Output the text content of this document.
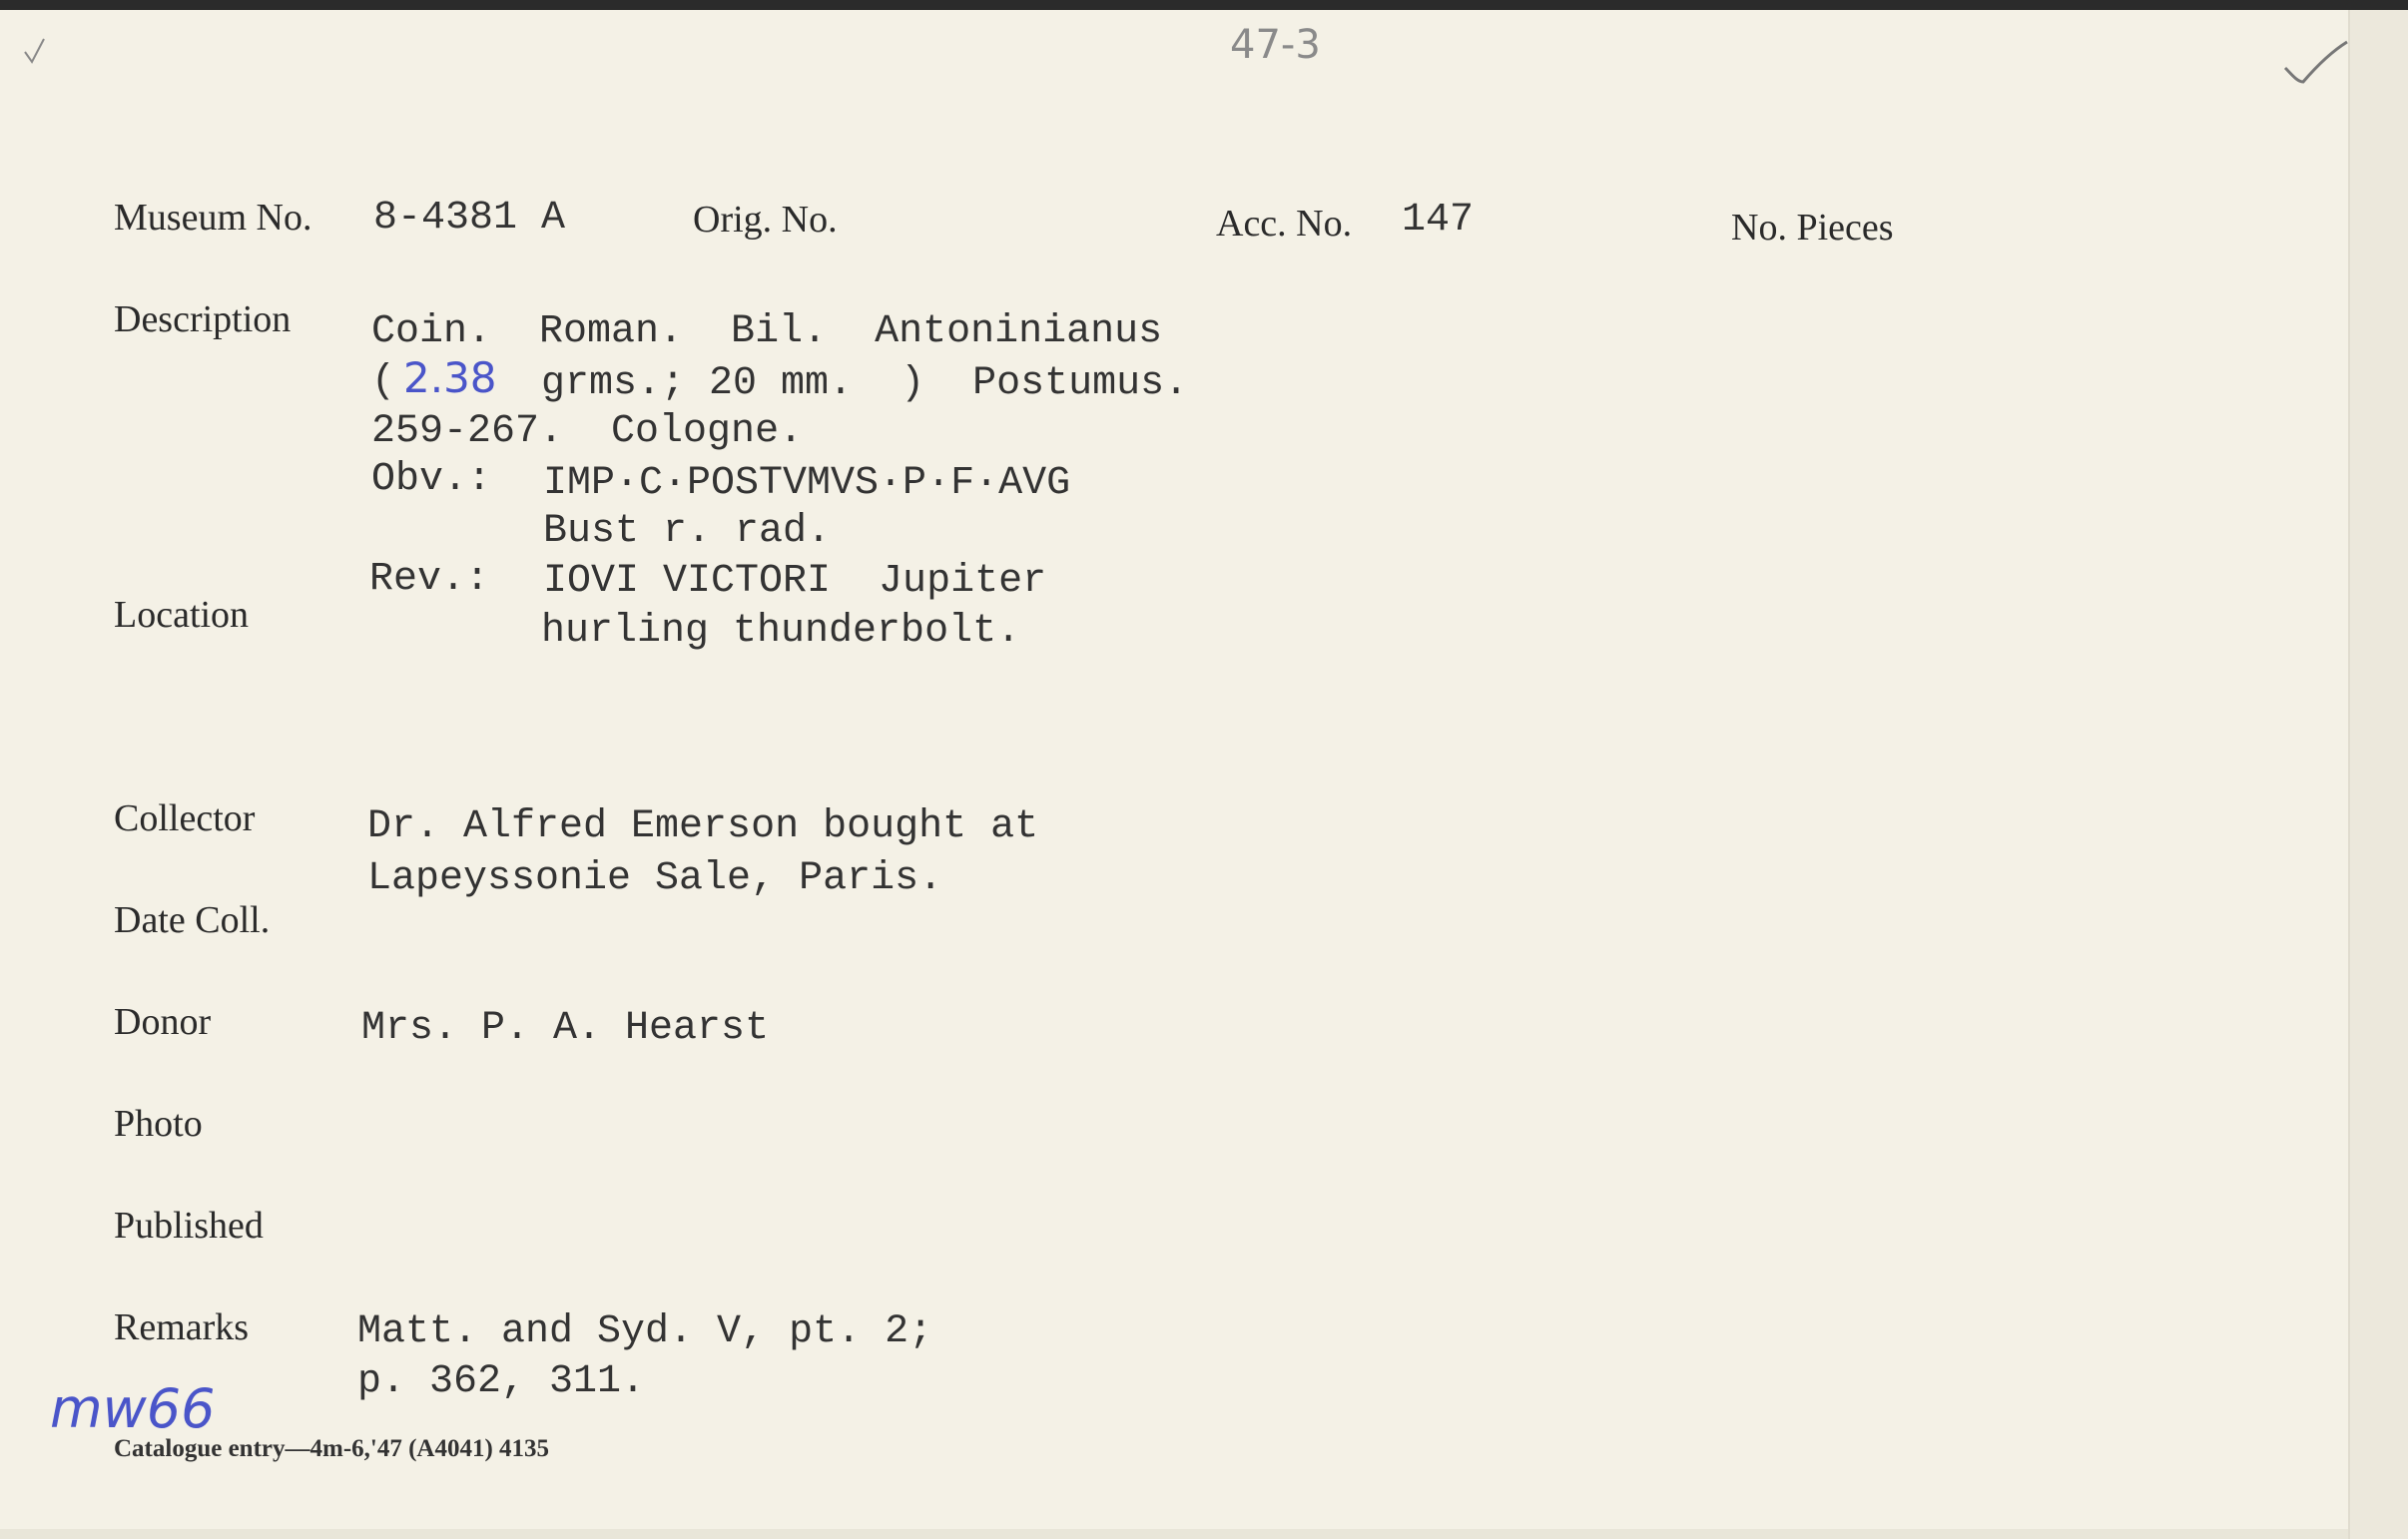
47-3
Museum No. 8-4381 A	Orig. No.	Acc. No. 147	No. Pieces
Description Coin.  Roman.  Bil.  Antoninianus
( 2.38 grms.; 20 mm.  )  Postumus.
259-267.  Cologne.
Obv.: IMP·C·POSTVMVS·P·F·AVG
Bust r. rad.
Rev.: IOVI VICTORI  Jupiter
hurling thunderbolt.
Location
Collector	Dr. Alfred Emerson bought at
Lapeyssonie Sale, Paris.
Date Coll.
Donor	Mrs. P. A. Hearst
Photo
Published
Remarks	Matt. and Syd. V, pt. 2;
p. 362, 311.
mw66
Catalogue entry—4m-6,'47 (A4041) 4135
